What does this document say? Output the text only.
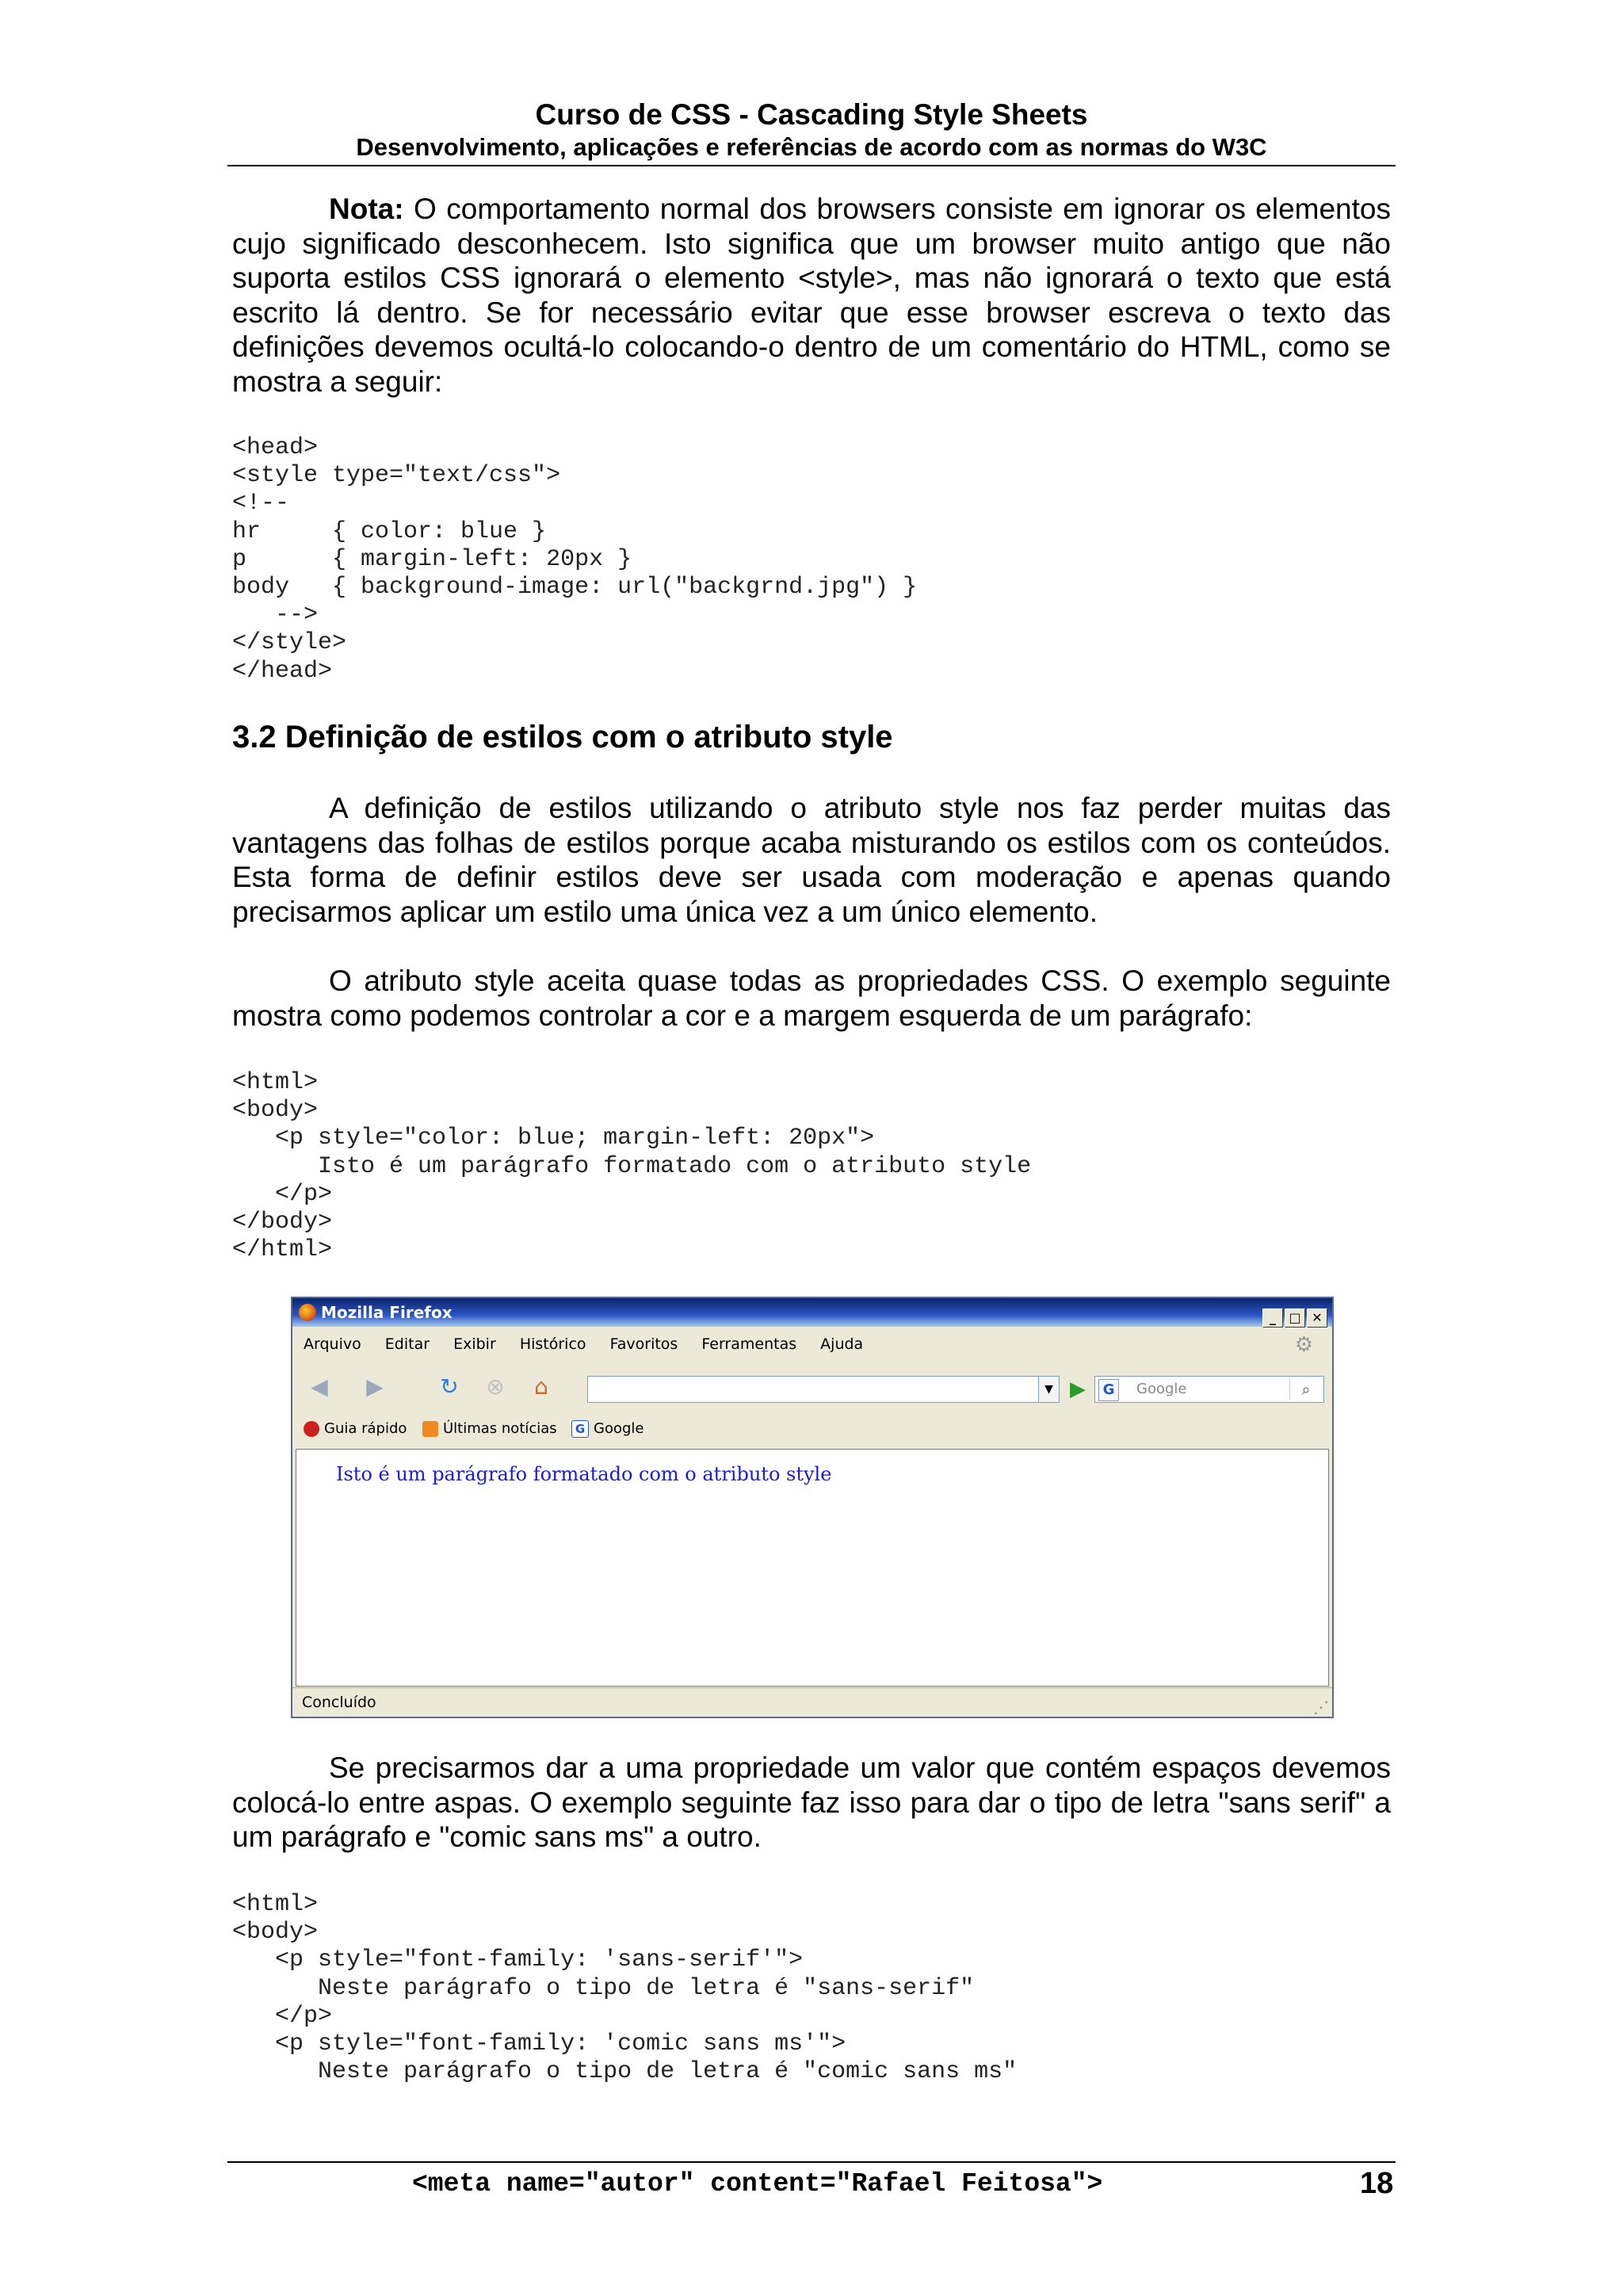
Curso de CSS - Cascading Style Sheets
Desenvolvimento, aplicações e referências de acordo com as normas do W3C
Nota: O comportamento normal dos browsers consiste em ignorar os elementos cujo significado desconhecem. Isto significa que um browser muito antigo que não suporta estilos CSS ignorará o elemento <style>, mas não ignorará o texto que está escrito lá dentro. Se for necessário evitar que esse browser escreva o texto das definições devemos ocultá-lo colocando-o dentro de um comentário do HTML, como se mostra a seguir:
<head>
<style type="text/css">
<!--
hr     { color: blue }
p      { margin-left: 20px }
body   { background-image: url("backgrnd.jpg") }
-->
</style>
</head>
3.2 Definição de estilos com o atributo style
A definição de estilos utilizando o atributo style nos faz perder muitas das vantagens das folhas de estilos porque acaba misturando os estilos com os conteúdos. Esta forma de definir estilos deve ser usada com moderação e apenas quando precisarmos aplicar um estilo uma única vez a um único elemento.
O atributo style aceita quase todas as propriedades CSS. O exemplo seguinte mostra como podemos controlar a cor e a margem esquerda de um parágrafo:
<html>
<body>
<p style="color: blue; margin-left: 20px">
Isto é um parágrafo formatado com o atributo style
</p>
</body>
</html>
Mozilla Firefox	_ □ ✕
Arquivo Editar Exibir Histórico Favoritos Ferramentas Ajuda	⚙
◀	▶	↻ ⊗	⌂	▼ ▶	G	Google	⌕
Guia rápido	Últimas notícias	G Google
Isto é um parágrafo formatado com o atributo style
Concluído	⋰
Se precisarmos dar a uma propriedade um valor que contém espaços devemos colocá-lo entre aspas. O exemplo seguinte faz isso para dar o tipo de letra "sans serif" a um parágrafo e "comic sans ms" a outro.
<html>
<body>
<p style="font-family: 'sans-serif'">
Neste parágrafo o tipo de letra é "sans-serif"
</p>
<p style="font-family: 'comic sans ms'">
Neste parágrafo o tipo de letra é "comic sans ms"
<meta name="autor" content="Rafael Feitosa">	18
